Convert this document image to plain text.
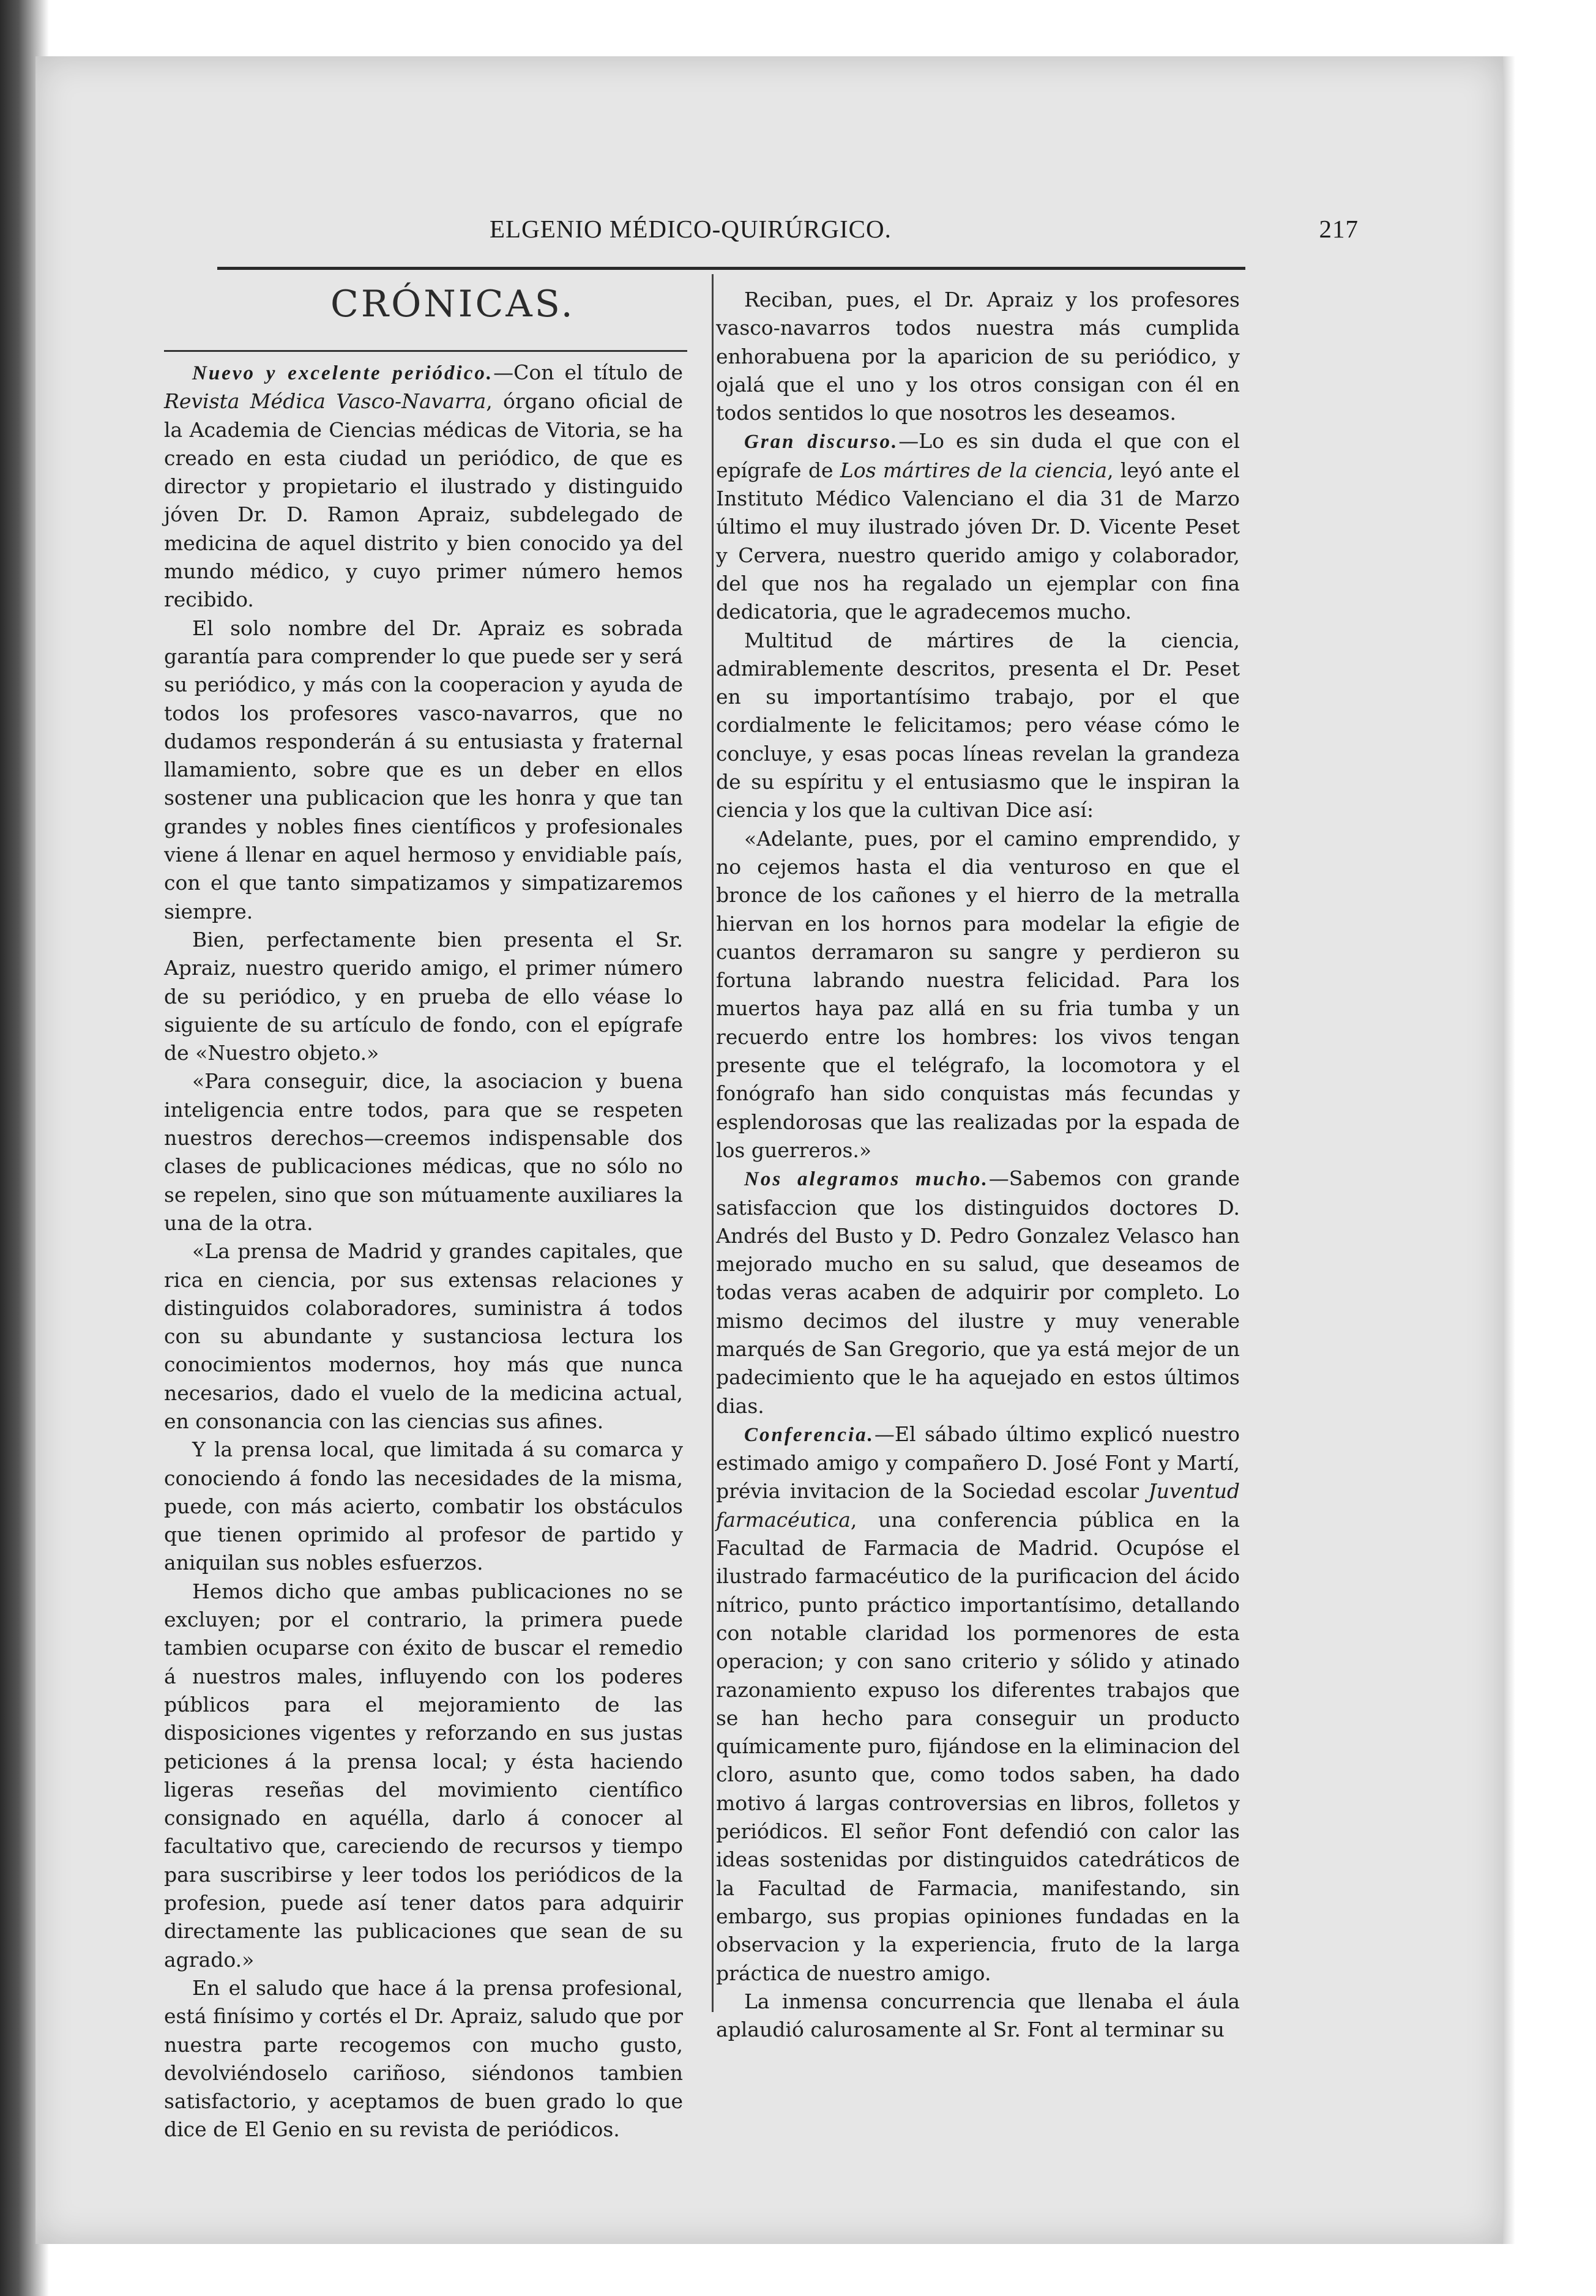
ELGENIO MÉDICO-QUIRÚRGICO.	217
CRÓNICAS.

Nuevo y excelente periódico.—Con el título de Revista Médica Vasco-Navarra, órgano oficial de la Academia de Ciencias médicas de Vitoria, se ha creado en esta ciudad un periódico, de que es director y propietario el ilustrado y distinguido jóven Dr. D. Ramon Apraiz, subdelegado de medicina de aquel distrito y bien conocido ya del mundo médico, y cuyo primer número hemos recibido.

El solo nombre del Dr. Apraiz es sobrada garantía para comprender lo que puede ser y será su periódico, y más con la cooperacion y ayuda de todos los profesores vasco-navarros, que no dudamos responderán á su entusiasta y fraternal llamamiento, sobre que es un deber en ellos sostener una publicacion que les honra y que tan grandes y nobles fines científicos y profesionales viene á llenar en aquel hermoso y envidiable país, con el que tanto simpatizamos y simpatizaremos siempre.

Bien, perfectamente bien presenta el Sr. Apraiz, nuestro querido amigo, el primer número de su periódico, y en prueba de ello véase lo siguiente de su artículo de fondo, con el epígrafe de «Nuestro objeto.»

«Para conseguir, dice, la asociacion y buena inteligencia entre todos, para que se respeten nuestros derechos—creemos indispensable dos clases de publicaciones médicas, que no sólo no se repelen, sino que son mútuamente auxiliares la una de la otra.

«La prensa de Madrid y grandes capitales, que rica en ciencia, por sus extensas relaciones y distinguidos colaboradores, suministra á todos con su abundante y sustanciosa lectura los conocimientos modernos, hoy más que nunca necesarios, dado el vuelo de la medicina actual, en consonancia con las ciencias sus afines.

Y la prensa local, que limitada á su comarca y conociendo á fondo las necesidades de la misma, puede, con más acierto, combatir los obstáculos que tienen oprimido al profesor de partido y aniquilan sus nobles esfuerzos.

Hemos dicho que ambas publicaciones no se excluyen; por el contrario, la primera puede tambien ocuparse con éxito de buscar el remedio á nuestros males, influyendo con los poderes públicos para el mejoramiento de las disposiciones vigentes y reforzando en sus justas peticiones á la prensa local; y ésta haciendo ligeras reseñas del movimiento científico consignado en aquélla, darlo á conocer al facultativo que, careciendo de recursos y tiempo para suscribirse y leer todos los periódicos de la profesion, puede así tener datos para adquirir directamente las publicaciones que sean de su agrado.»

En el saludo que hace á la prensa profesional, está finísimo y cortés el Dr. Apraiz, saludo que por nuestra parte recogemos con mucho gusto, devolviéndoselo cariñoso, siéndonos tambien satisfactorio, y aceptamos de buen grado lo que dice de El Genio en su revista de periódicos.

Reciban, pues, el Dr. Apraiz y los profesores vasco-navarros todos nuestra más cumplida enhorabuena por la aparicion de su periódico, y ojalá que el uno y los otros consigan con él en todos sentidos lo que nosotros les deseamos.

Gran discurso.—Lo es sin duda el que con el epígrafe de Los mártires de la ciencia, leyó ante el Instituto Médico Valenciano el dia 31 de Marzo último el muy ilustrado jóven Dr. D. Vicente Peset y Cervera, nuestro querido amigo y colaborador, del que nos ha regalado un ejemplar con fina dedicatoria, que le agradecemos mucho.

Multitud de mártires de la ciencia, admirablemente descritos, presenta el Dr. Peset en su importantísimo trabajo, por el que cordialmente le felicitamos; pero véase cómo le concluye, y esas pocas líneas revelan la grandeza de su espíritu y el entusiasmo que le inspiran la ciencia y los que la cultivan Dice así:

«Adelante, pues, por el camino emprendido, y no cejemos hasta el dia venturoso en que el bronce de los cañones y el hierro de la metralla hiervan en los hornos para modelar la efigie de cuantos derramaron su sangre y perdieron su fortuna labrando nuestra felicidad. Para los muertos haya paz allá en su fria tumba y un recuerdo entre los hombres: los vivos tengan presente que el telégrafo, la locomotora y el fonógrafo han sido conquistas más fecundas y esplendorosas que las realizadas por la espada de los guerreros.»

Nos alegramos mucho.—Sabemos con grande satisfaccion que los distinguidos doctores D. Andrés del Busto y D. Pedro Gonzalez Velasco han mejorado mucho en su salud, que deseamos de todas veras acaben de adquirir por completo. Lo mismo decimos del ilustre y muy venerable marqués de San Gregorio, que ya está mejor de un padecimiento que le ha aquejado en estos últimos dias.

Conferencia.—El sábado último explicó nuestro estimado amigo y compañero D. José Font y Martí, prévia invitacion de la Sociedad escolar Juventud farmacéutica, una conferencia pública en la Facultad de Farmacia de Madrid. Ocupóse el ilustrado farmacéutico de la purificacion del ácido nítrico, punto práctico importantísimo, detallando con notable claridad los pormenores de esta operacion; y con sano criterio y sólido y atinado razonamiento expuso los diferentes trabajos que se han hecho para conseguir un producto químicamente puro, fijándose en la eliminacion del cloro, asunto que, como todos saben, ha dado motivo á largas controversias en libros, folletos y periódicos. El señor Font defendió con calor las ideas sostenidas por distinguidos catedráticos de la Facultad de Farmacia, manifestando, sin embargo, sus propias opiniones fundadas en la observacion y la experiencia, fruto de la larga práctica de nuestro amigo.

La inmensa concurrencia que llenaba el áula aplaudió calurosamente al Sr. Font al terminar su
